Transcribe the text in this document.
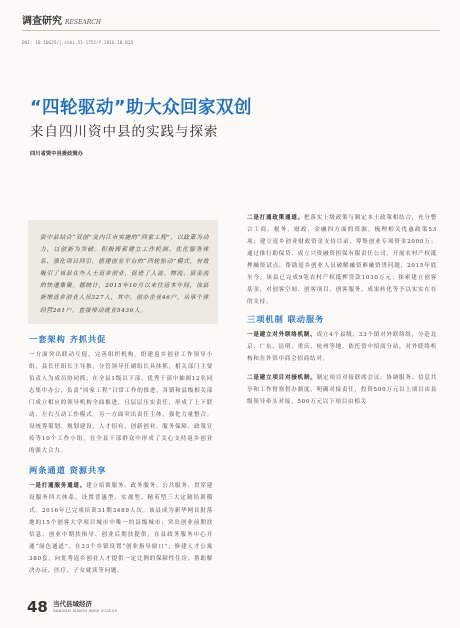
调查研究 RESEARCH
DOI: 10.16625/j.cnki.51-1752/f.2016.18.015
“四轮驱动”助大众回家双创
来自四川资中县的实践与探索
四川省资中县委政策办

资中县结合“双创”及内江市实施的“回家工程”，以政策为动力，以创新为突破。积极探索建立工作机制、优化服务体系、强化项目回引、搭建创业平台的“四轮驱动”模式，有效吸引了该县在外人士返乡创业，促进了人流、物流、资金流的快速集聚。据统计，2015年10月以来往返本年间，该县新增返乡创业人员327人，其中，创办企业46户，从事个体经营261户，直接带动就业5436人。

一套架构 齐抓共促

一方面突出联动互促，完善组织机构。组建返乡创业工作领导小组，县长任组长主导推，分管领导任副组长具体抓，相关部门主要负责人为成员协同抓；在全县1级以下部、优秀干部中抽调12名同志集中办公，负责“回家工程”日常工作的推进，各镇和县级相关部门成立相应的领导机构全面推进，且层层压实责任，形成了上下联动、左右互动工作模式。另一方面突出责任主体，强化力量整合。设统筹策划、规划建设、人才招有、创新创业、服务保障、政策宣传等10个工作小组，在全县干部群众中形成了关心支持返乡创业的强大合力。

两条通道 资源共享

一是打通服务通道。建立培训服务、政务服务、公共服务、贯穿建设服务四大体系，设置普惠型、实战型、精英型三大定制培训模式。2016年已完成培训31期3489人次。该县成为新华网首批落地的15个创客大学项目城市中唯一的县级城市；突出创业前期扶信息、创业中期扶指导、创业后期扶提供，在县政务服务中心开通“绿色通道”，在33个乡镇设置“创业指导窗口”；修建人才公寓380套，向优秀返乡创业人才提供一定比例的保障性住房，帮助解决办证、医疗、子女就读等问题。

二是打通政策通道。把落实上级政策与制定本土政策相结合，充分整合工商、税务、财政、金融四方面的资源，梳理相关优惠政策53项；建立返乡创业财政资金支持目录，筹集创业专项资金2000万；通过推行助保贷、成立兴资融资担保有限责任公司、开展农村产权抵押融资试点，帮助返乡创业人员破解融资难融资贵问题，2015年底至今，该县已完成9笔农村产权抵押贷款1030万元；探索建立创客基金，对创客空间、创客项目、创客服务、成果转化等予以实实在在的支持。

三项机制 联动服务

一是建立对外联络机制。成立4个县级、33个镇对外联络组，分赴北京、广东、昆明、重庆、杭州等地，依托资中招商分站，对外联络机构和在外资中商会招商结对。

二是建立项目对接机制。制定项目对接联席会议、协调服务、信息共享和工作督察督办制度，明确对接责任，投资500万元以上项目由县级领导牵头对接，500万元以下项目由相关

48 当代县域经济
DANGDAI XIANYU JINGJI 2016.03
